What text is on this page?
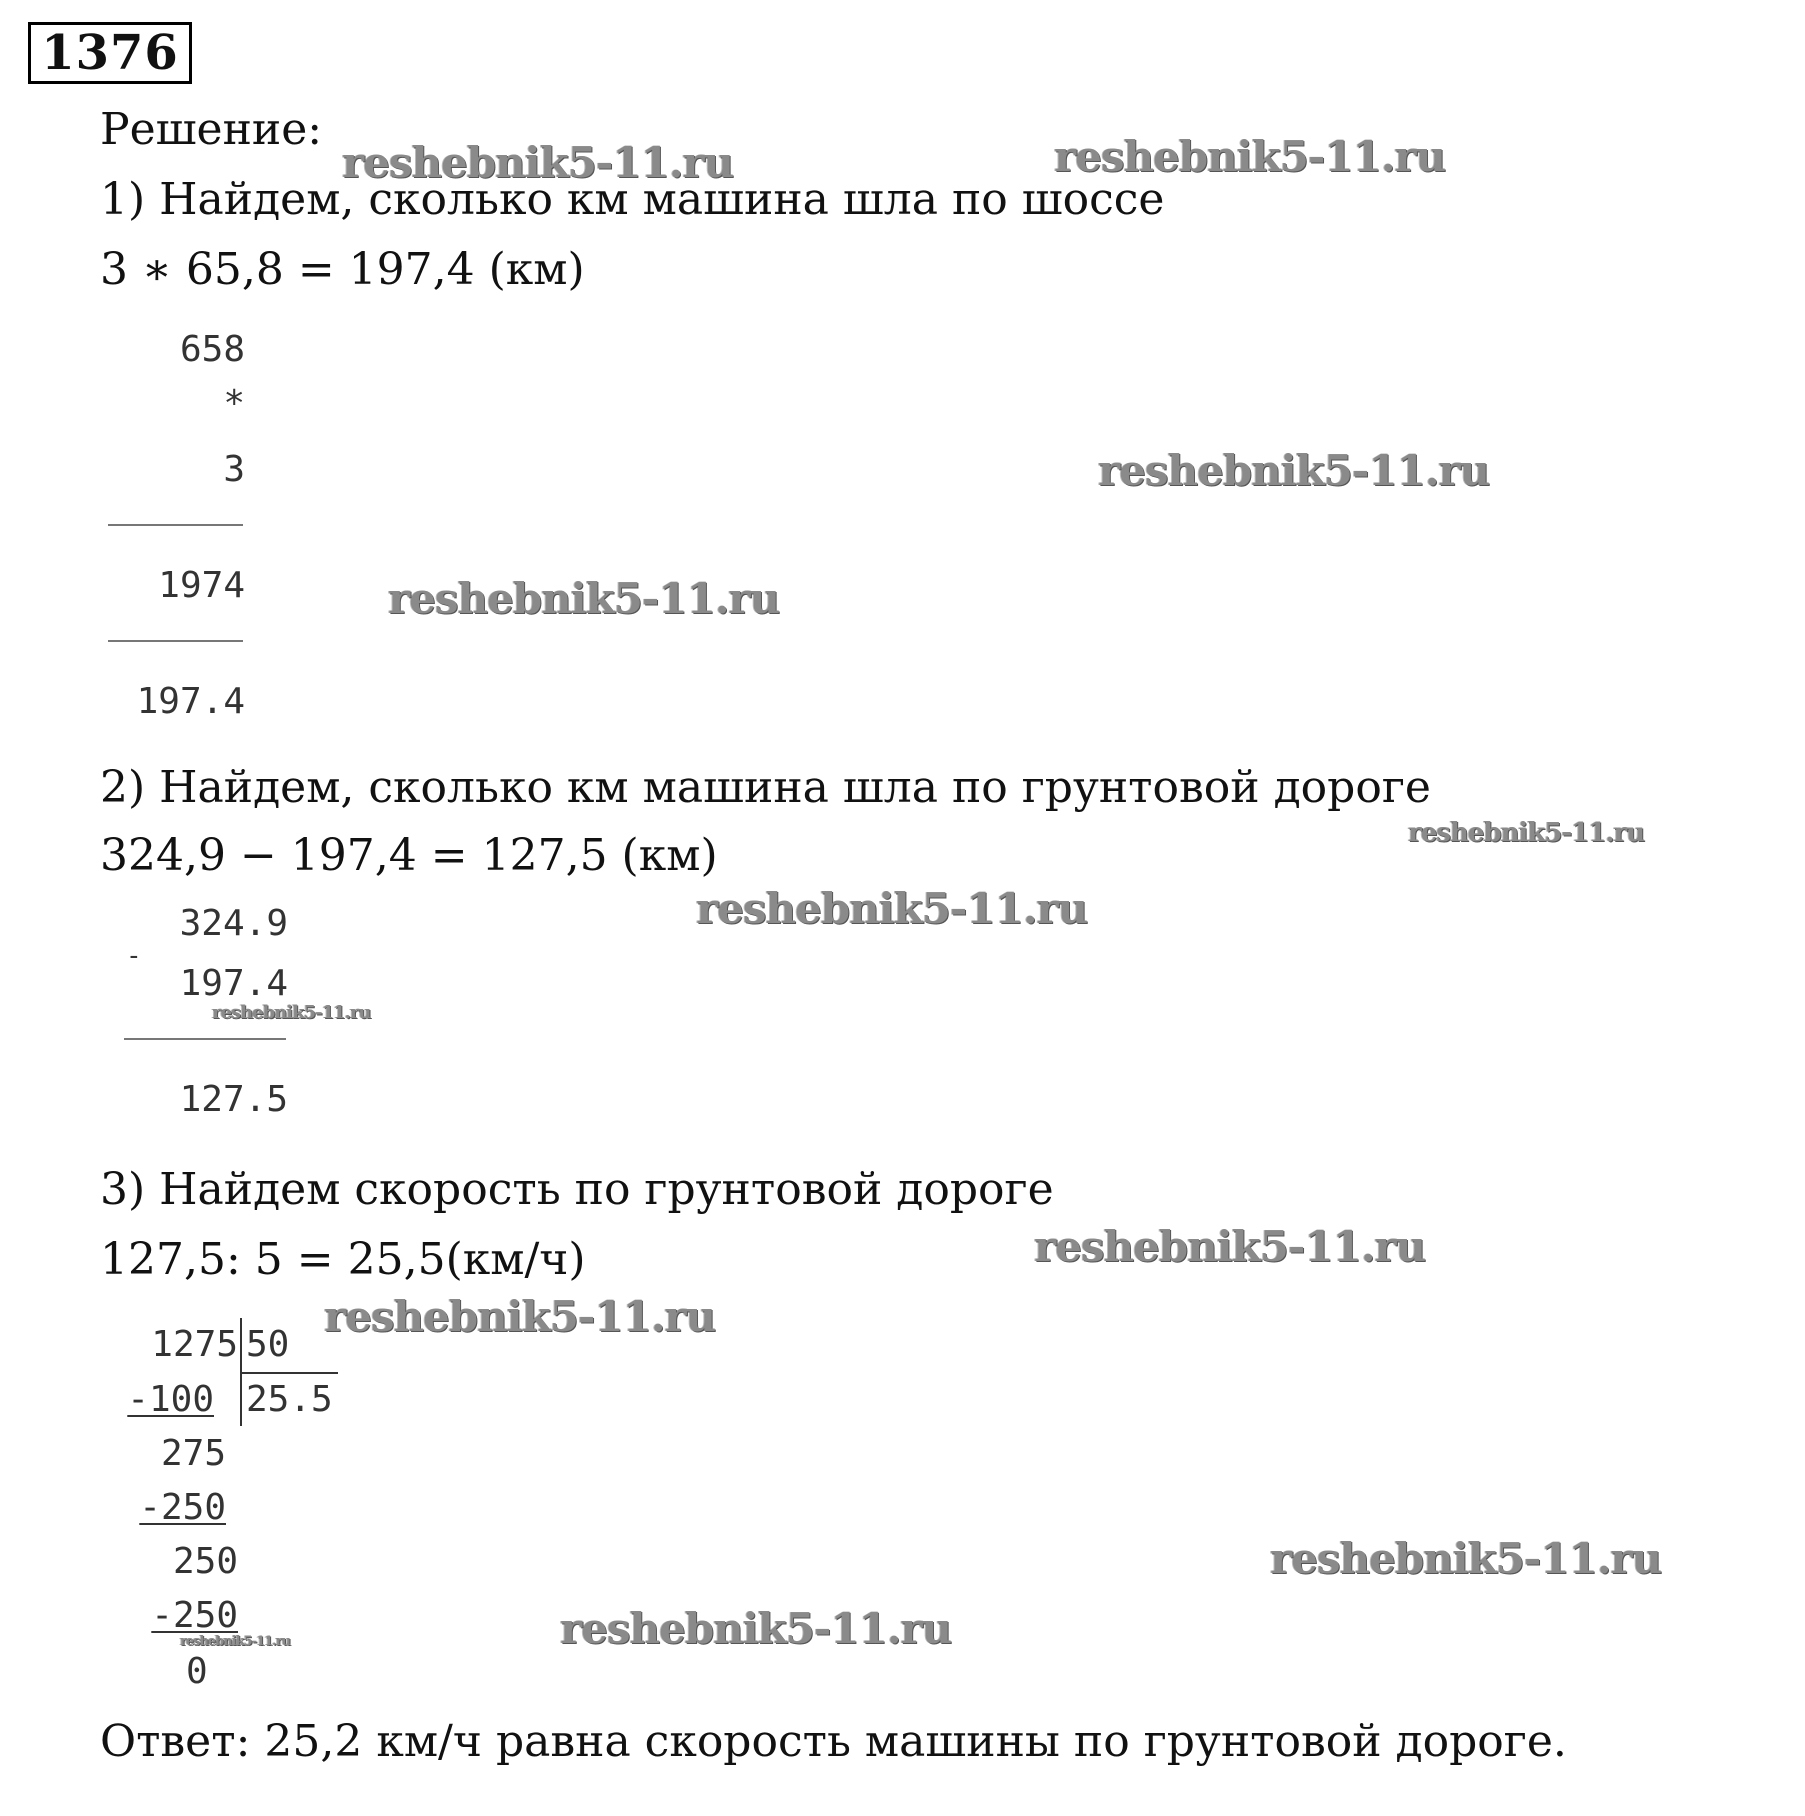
1376
Решение:
1) Найдем, сколько км машина шла по шоссе
3 ∗ 65,8 = 197,4 (км)
658
*
3
1974
197.4
2) Найдем, сколько км машина шла по грунтовой дороге
324,9 − 197,4 = 127,5 (км)
324.9
-
197.4
127.5
3) Найдем скорость по грунтовой дороге
127,5: 5 = 25,5(км/ч)
1275 50
25.5
-100
275
-250
250
-250
0
Ответ: 25,2 км/ч равна скорость машины по грунтовой дороге.
reshebnik5-11.ru	reshebnik5-11.ru
reshebnik5-11.ru
reshebnik5-11.ru
reshebnik5-11.ru
reshebnik5-11.ru
reshebnik5-11.ru
reshebnik5-11.ru
reshebnik5-11.ru
reshebnik5-11.ru
reshebnik5-11.ru
reshebnik5-11.ru
